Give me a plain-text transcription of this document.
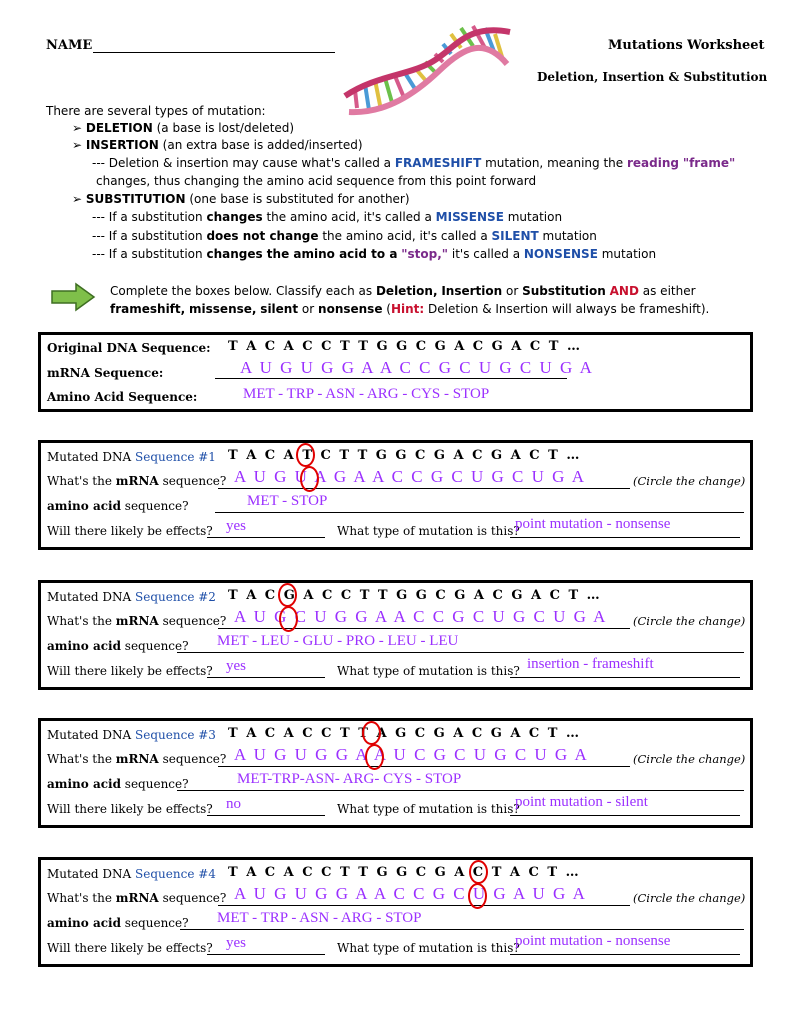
NAME	Mutations Worksheet
Deletion, Insertion & Substitution
There are several types of mutation:
➢ DELETION (a base is lost/deleted)
➢ INSERTION (an extra base is added/inserted)
--- Deletion & insertion may cause what's called a FRAMESHIFT mutation, meaning the reading "frame"
changes, thus changing the amino acid sequence from this point forward
➢ SUBSTITUTION (one base is substituted for another)
--- If a substitution changes the amino acid, it's called a MISSENSE mutation
--- If a substitution does not change the amino acid, it's called a SILENT mutation
--- If a substitution changes the amino acid to a "stop," it's called a NONSENSE mutation
Complete the boxes below. Classify each as Deletion, Insertion or Substitution AND as either
frameshift, missense, silent or nonsense (Hint: Deletion & Insertion will always be frameshift).
Original DNA Sequence: T A C A C C T T G G C G A C G A C T …
mRNA Sequence:	A U G U G G A A C C G C U G C U G A
Amino Acid Sequence:	MET - TRP - ASN - ARG - CYS - STOP
Mutated DNA Sequence #1 T A C A T C T T G G C G A C G A C T …
What's the mRNA sequence? A U G U A G A A C C G C U G C U G A	(Circle the change)
amino acid sequence?	MET - STOP
Will there likely be effects? yes	What type of mutation is this?
point mutation - nonsense
Mutated DNA Sequence #2 T A C G A C C T T G G C G A C G A C T …
What's the mRNA sequence? A U G C U G G A A C C G C U G C U G A (Circle the change)
amino acid sequence? MET - LEU - GLU - PRO - LEU - LEU
Will there likely be effects? yes	What type of mutation is this? insertion - frameshift
Mutated DNA Sequence #3 T A C A C C T T A G C G A C G A C T …
What's the mRNA sequence? A U G U G G A A U C G C U G C U G A	(Circle the change)
amino acid sequence?	MET-TRP-ASN- ARG- CYS - STOP
Will there likely be effects? no	What type of mutation is this?
point mutation - silent
Mutated DNA Sequence #4 T A C A C C T T G G C G A C T A C T …
What's the mRNA sequence? A U G U G G A A C C G C U G A U G A	(Circle the change)
amino acid sequence? MET - TRP - ASN - ARG - STOP
Will there likely be effects? yes	What type of mutation is this?
point mutation - nonsense
